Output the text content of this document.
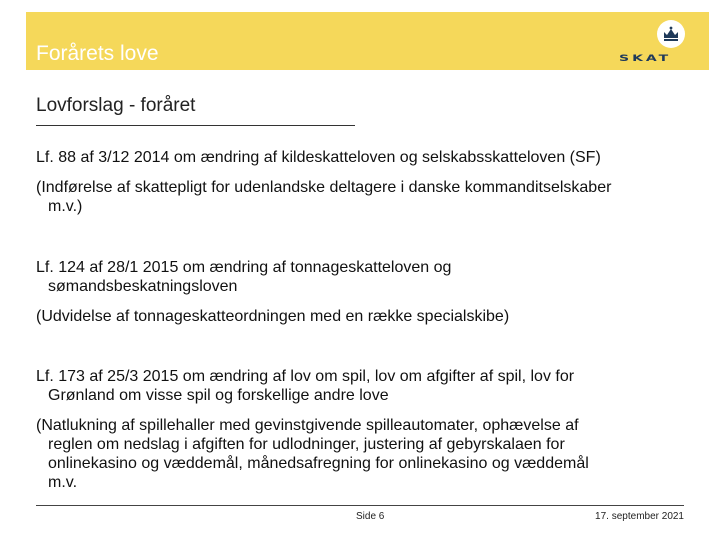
Forårets love	SKAT
Lovforslag - foråret
Lf. 88 af 3/12 2014 om ændring af kildeskatteloven og selskabsskatteloven (SF)
(Indførelse af skattepligt for udenlandske deltagere i danske kommanditselskaber
m.v.)
Lf. 124 af 28/1 2015 om ændring af tonnageskatteloven og
sømandsbeskatningsloven
(Udvidelse af tonnageskatteordningen med en række specialskibe)
Lf. 173 af 25/3 2015 om ændring af lov om spil, lov om afgifter af spil, lov for
Grønland om visse spil og forskellige andre love
(Natlukning af spillehaller med gevinstgivende spilleautomater, ophævelse af
reglen om nedslag i afgiften for udlodninger, justering af gebyrskalaen for
onlinekasino og væddemål, månedsafregning for onlinekasino og væddemål
m.v.
Side 6	17. september 2021
